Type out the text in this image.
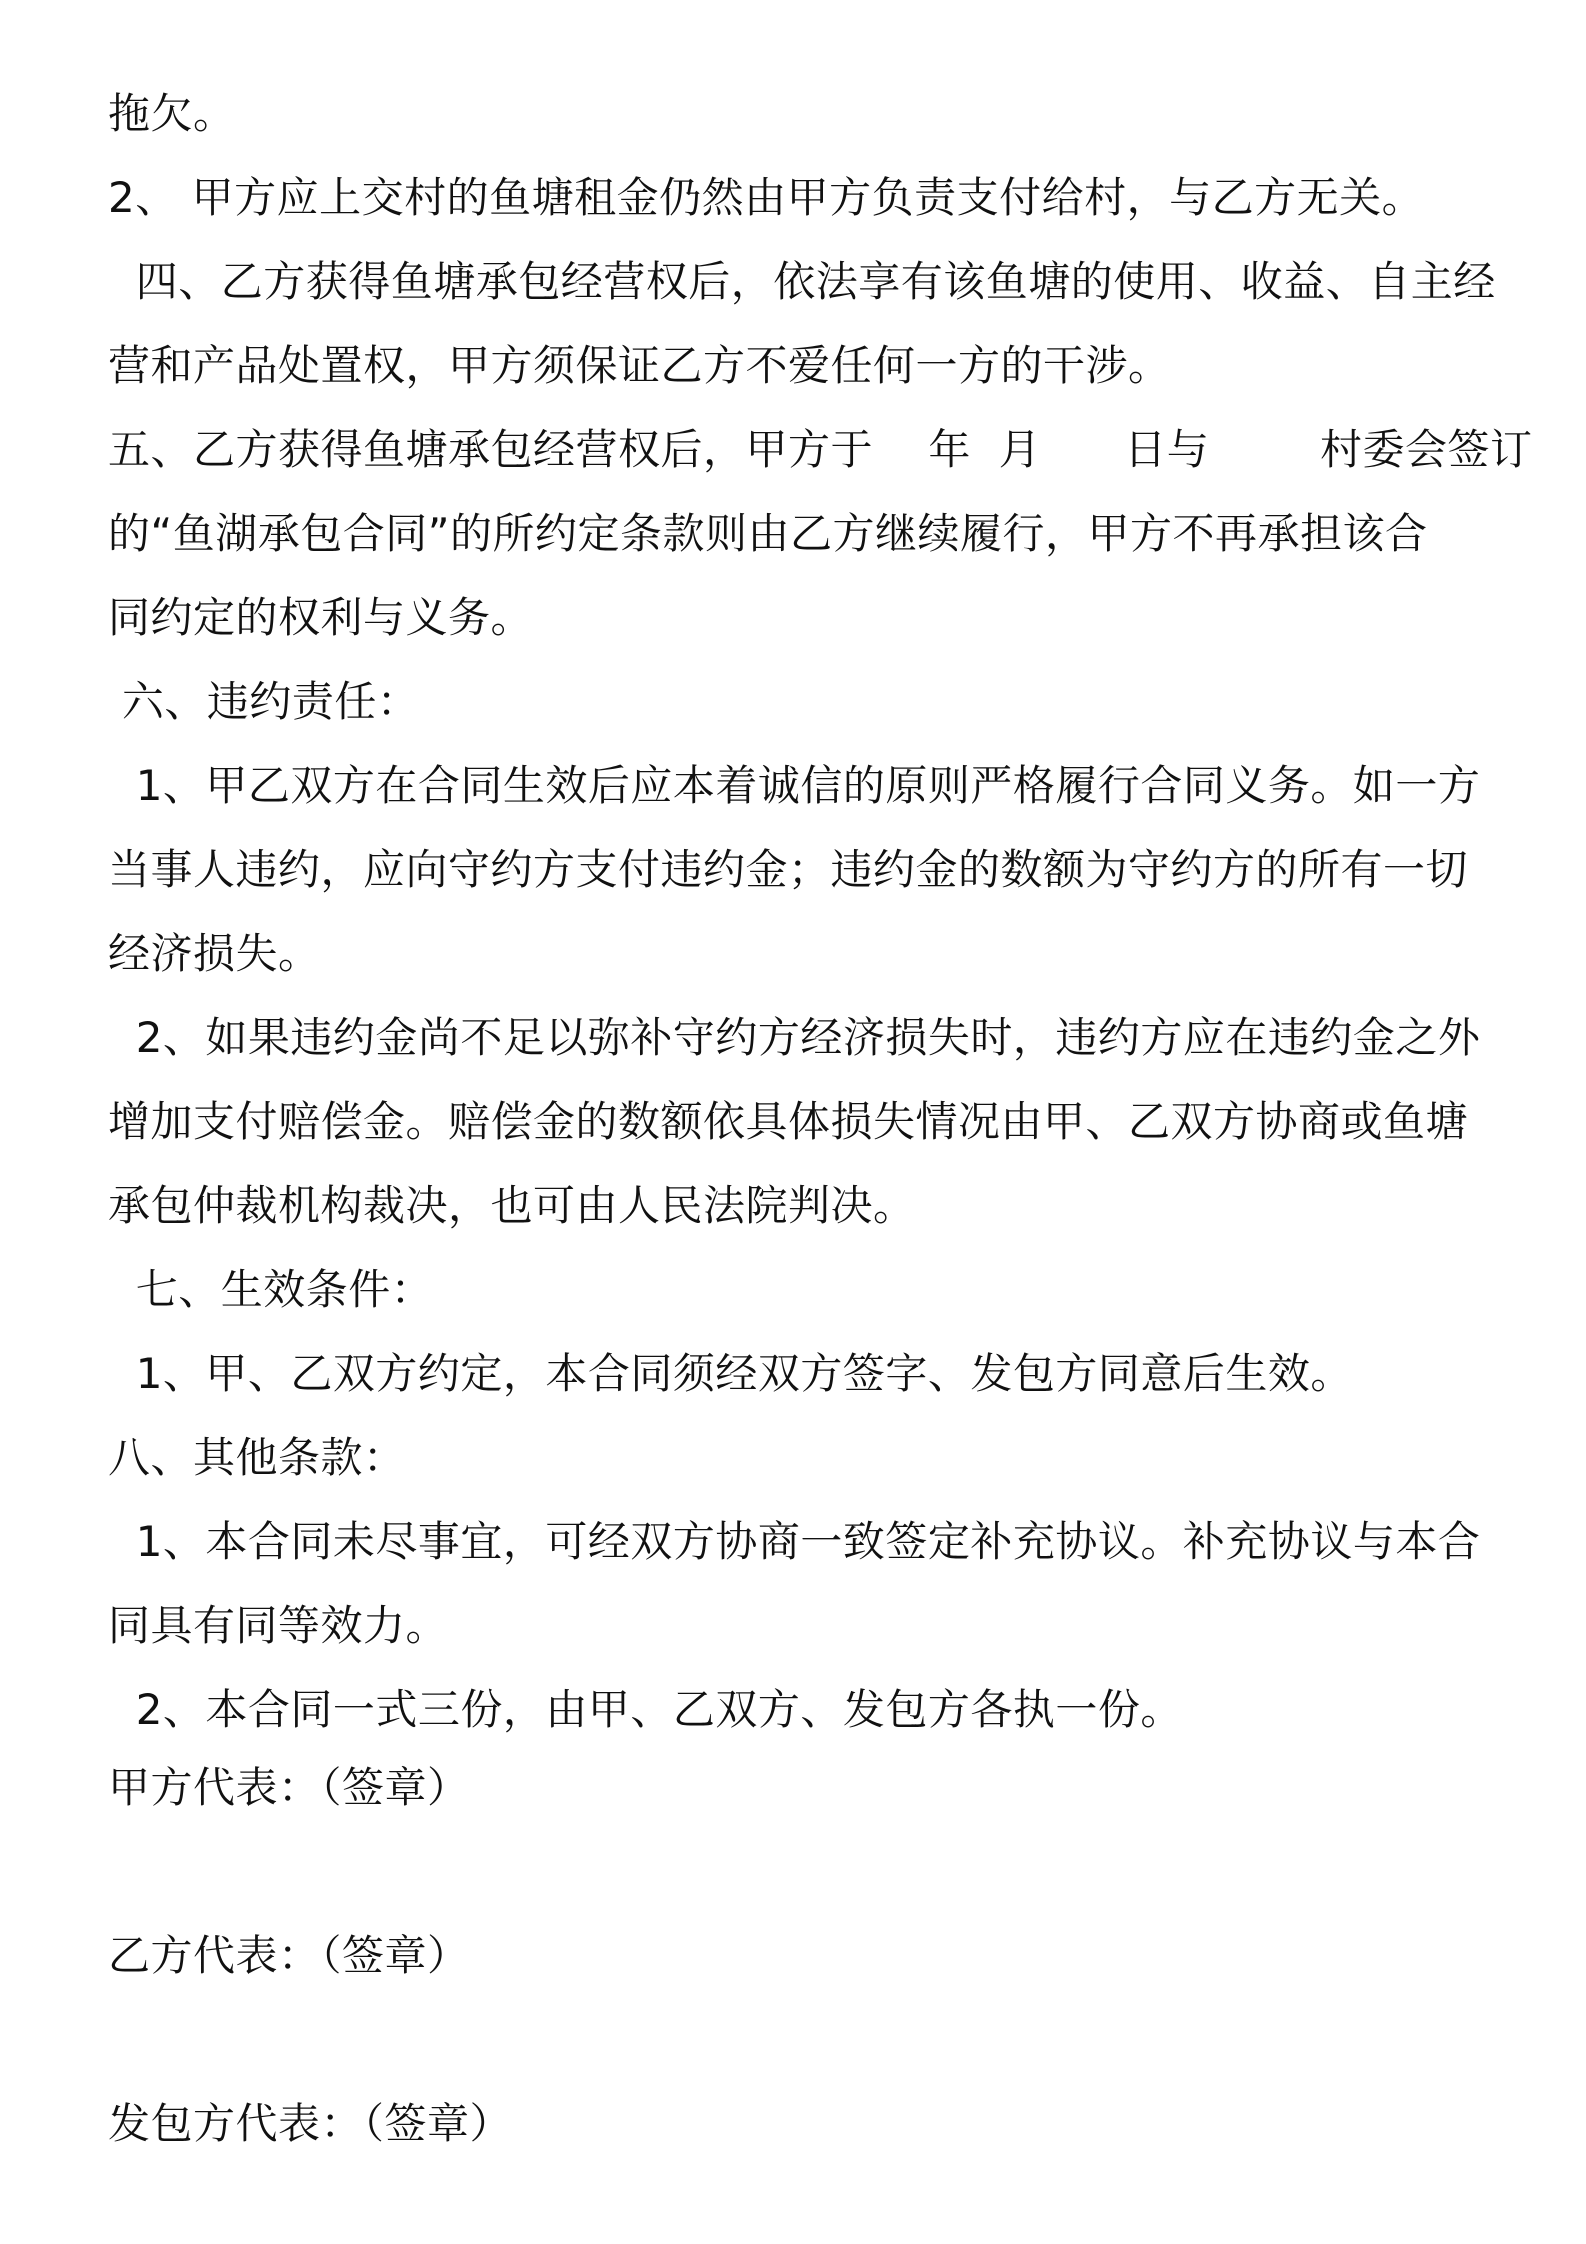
拖欠。
2、 甲方应上交村的鱼塘租金仍然由甲方负责支付给村，与乙方无关。
四、乙方获得鱼塘承包经营权后，依法享有该鱼塘的使用、收益、自主经
营和产品处置权，甲方须保证乙方不爱任何一方的干涉。
五、乙方获得鱼塘承包经营权后，甲方于    年  月      日与        村委会签订
的“鱼湖承包合同”的所约定条款则由乙方继续履行，甲方不再承担该合
同约定的权利与义务。
六、违约责任：
1、甲乙双方在合同生效后应本着诚信的原则严格履行合同义务。如一方
当事人违约，应向守约方支付违约金；违约金的数额为守约方的所有一切
经济损失。
2、如果违约金尚不足以弥补守约方经济损失时，违约方应在违约金之外
增加支付赔偿金。赔偿金的数额依具体损失情况由甲、乙双方协商或鱼塘
承包仲裁机构裁决，也可由人民法院判决。
七、生效条件：
1、甲、乙双方约定，本合同须经双方签字、发包方同意后生效。
八、其他条款：
1、本合同未尽事宜，可经双方协商一致签定补充协议。补充协议与本合
同具有同等效力。
2、本合同一式三份，由甲、乙双方、发包方各执一份。
甲方代表：（签章）
乙方代表：（签章）
发包方代表：（签章）
